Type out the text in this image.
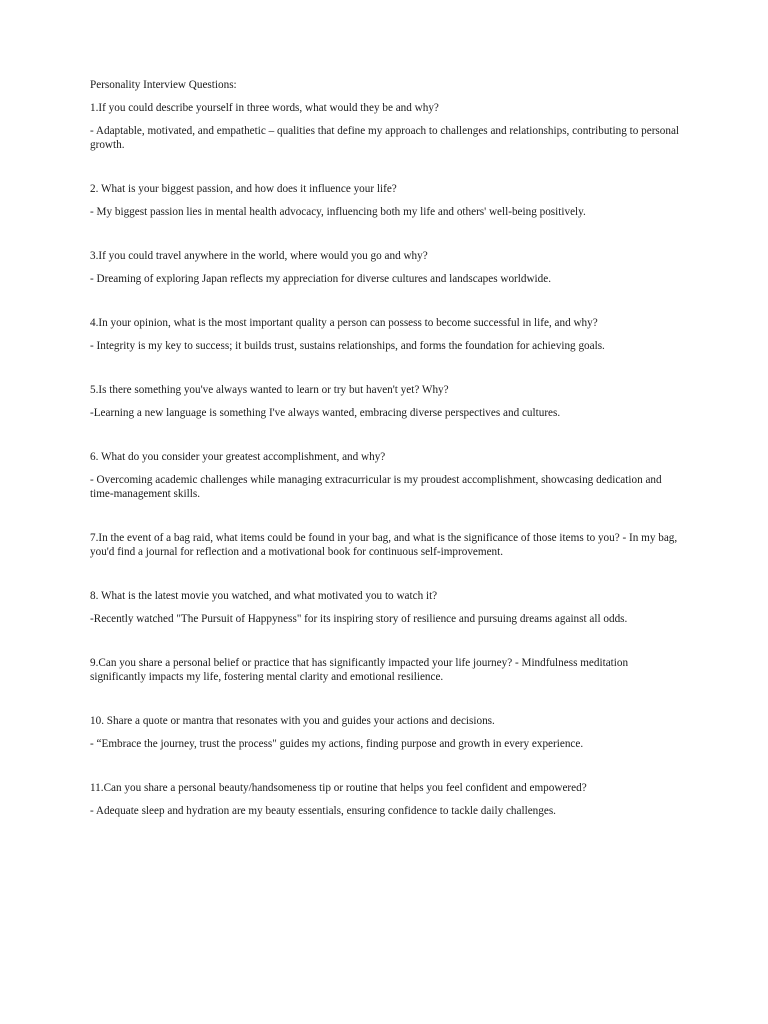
Personality Interview Questions:

1.If you could describe yourself in three words, what would they be and why?

- Adaptable, motivated, and empathetic – qualities that define my approach to challenges and relationships, contributing to personal growth.

2. What is your biggest passion, and how does it influence your life?

- My biggest passion lies in mental health advocacy, influencing both my life and others' well-being positively.

3.If you could travel anywhere in the world, where would you go and why?

- Dreaming of exploring Japan reflects my appreciation for diverse cultures and landscapes worldwide.

4.In your opinion, what is the most important quality a person can possess to become successful in life, and why?

- Integrity is my key to success; it builds trust, sustains relationships, and forms the foundation for achieving goals.

5.Is there something you've always wanted to learn or try but haven't yet? Why?

-Learning a new language is something I've always wanted, embracing diverse perspectives and cultures.

6. What do you consider your greatest accomplishment, and why?

- Overcoming academic challenges while managing extracurricular is my proudest accomplishment, showcasing dedication and time-management skills.

7.In the event of a bag raid, what items could be found in your bag, and what is the significance of those items to you? - In my bag, you'd find a journal for reflection and a motivational book for continuous self-improvement.

8. What is the latest movie you watched, and what motivated you to watch it?

-Recently watched "The Pursuit of Happyness" for its inspiring story of resilience and pursuing dreams against all odds.

9.Can you share a personal belief or practice that has significantly impacted your life journey? - Mindfulness meditation significantly impacts my life, fostering mental clarity and emotional resilience.

10. Share a quote or mantra that resonates with you and guides your actions and decisions.

- “Embrace the journey, trust the process" guides my actions, finding purpose and growth in every experience.

11.Can you share a personal beauty/handsomeness tip or routine that helps you feel confident and empowered?

- Adequate sleep and hydration are my beauty essentials, ensuring confidence to tackle daily challenges.
